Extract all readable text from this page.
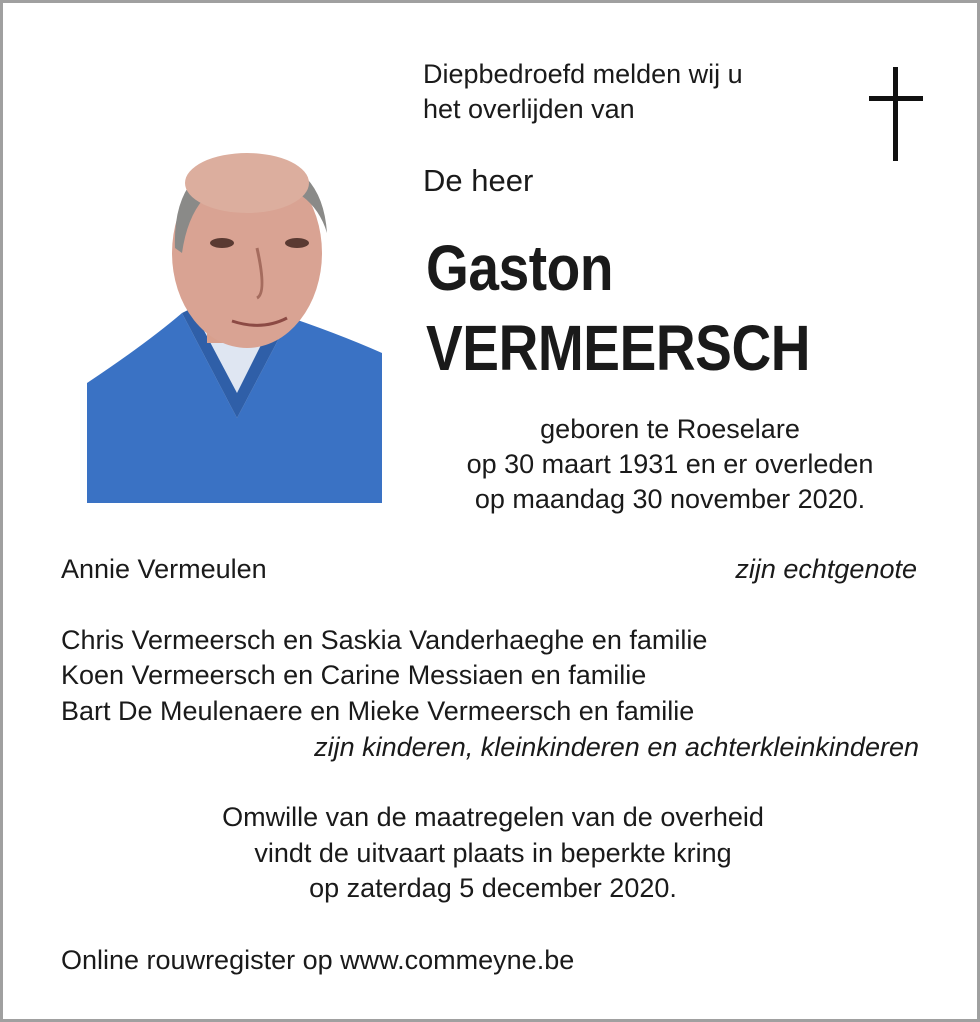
Diepbedroefd melden wij u
het overlijden van
De heer
Gaston
VERMEERSCH
geboren te Roeselare
op 30 maart 1931 en er overleden
op maandag 30 november 2020.
Annie Vermeulen	zijn echtgenote
Chris Vermeersch en Saskia Vanderhaeghe en familie
Koen Vermeersch en Carine Messiaen en familie
Bart De Meulenaere en Mieke Vermeersch en familie
zijn kinderen, kleinkinderen en achterkleinkinderen
Omwille van de maatregelen van de overheid
vindt de uitvaart plaats in beperkte kring
op zaterdag 5 december 2020.
Online rouwregister op www.commeyne.be
